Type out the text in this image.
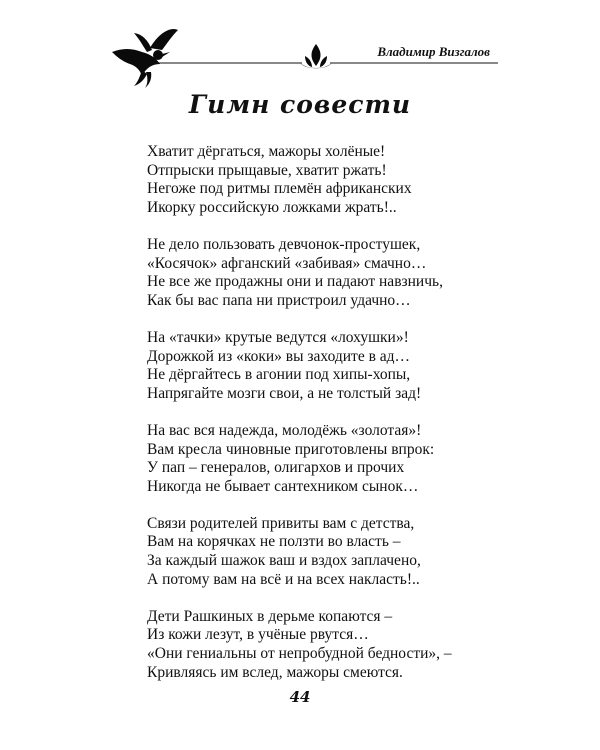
Владимир Визгалов
Гимн совести
Хватит дёргаться, мажоры холёные!
Отпрыски прыщавые, хватит ржать!
Негоже под ритмы племён африканских
Икорку российскую ложками жрать!..
Не дело пользовать девчонок-простушек,
«Косячок» афганский «забивая» смачно…
Не все же продажны они и падают навзничь,
Как бы вас папа ни пристроил удачно…
На «тачки» крутые ведутся «лохушки»!
Дорожкой из «коки» вы заходите в ад…
Не дёргайтесь в агонии под хипы-хопы,
Напрягайте мозги свои, а не толстый зад!
На вас вся надежда, молодёжь «золотая»!
Вам кресла чиновные приготовлены впрок:
У пап – генералов, олигархов и прочих
Никогда не бывает сантехником сынок…
Связи родителей привиты вам с детства,
Вам на корячках не ползти во власть –
За каждый шажок ваш и вздох заплачено,
А потому вам на всё и на всех накласть!..
Дети Рашкиных в дерьме копаются –
Из кожи лезут, в учёные рвутся…
«Они гениальны от непробудной бедности», –
Кривляясь им вслед, мажоры смеются.
44
